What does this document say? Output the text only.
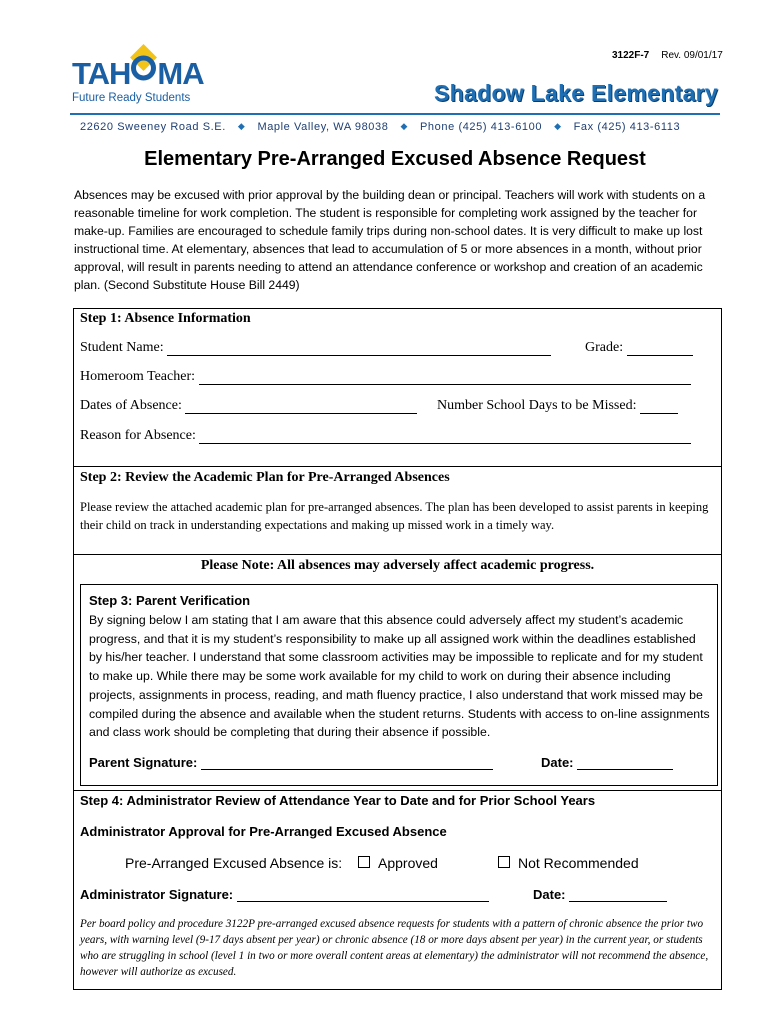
3122F-7 Rev. 09/01/17
TAH MA
Future Ready Students	Shadow Lake Elementary
22620 Sweeney Road S.E. ◆ Maple Valley, WA 98038 ◆ Phone (425) 413-6100 ◆ Fax (425) 413-6113
Elementary Pre-Arranged Excused Absence Request
Absences may be excused with prior approval by the building dean or principal. Teachers will work with students on a reasonable timeline for work completion. The student is responsible for completing work assigned by the teacher for make-up. Families are encouraged to schedule family trips during non-school dates. It is very difficult to make up lost instructional time. At elementary, absences that lead to accumulation of 5 or more absences in a month, without prior approval, will result in parents needing to attend an attendance conference or workshop and creation of an academic plan. (Second Substitute House Bill 2449)
Step 1: Absence Information
Student Name:	Grade:
Homeroom Teacher:
Dates of Absence:	Number School Days to be Missed:
Reason for Absence:
Step 2: Review the Academic Plan for Pre-Arranged Absences
Please review the attached academic plan for pre-arranged absences. The plan has been developed to assist parents in keeping their child on track in understanding expectations and making up missed work in a timely way.
Please Note: All absences may adversely affect academic progress.
Step 3: Parent Verification
By signing below I am stating that I am aware that this absence could adversely affect my student’s academic progress, and that it is my student’s responsibility to make up all assigned work within the deadlines established by his/her teacher. I understand that some classroom activities may be impossible to replicate and for my student to make up. While there may be some work available for my child to work on during their absence including projects, assignments in process, reading, and math fluency practice, I also understand that work missed may be compiled during the absence and available when the student returns. Students with access to on-line assignments and class work should be completing that during their absence if possible.
Parent Signature:	Date:
Step 4: Administrator Review of Attendance Year to Date and for Prior School Years
Administrator Approval for Pre-Arranged Excused Absence
Pre-Arranged Excused Absence is:	Approved	Not Recommended
Administrator Signature:	Date:
Per board policy and procedure 3122P pre-arranged excused absence requests for students with a pattern of chronic absence the prior two years, with warning level (9-17 days absent per year) or chronic absence (18 or more days absent per year) in the current year, or students who are struggling in school (level 1 in two or more overall content areas at elementary) the administrator will not recommend the absence, however will authorize as excused.
